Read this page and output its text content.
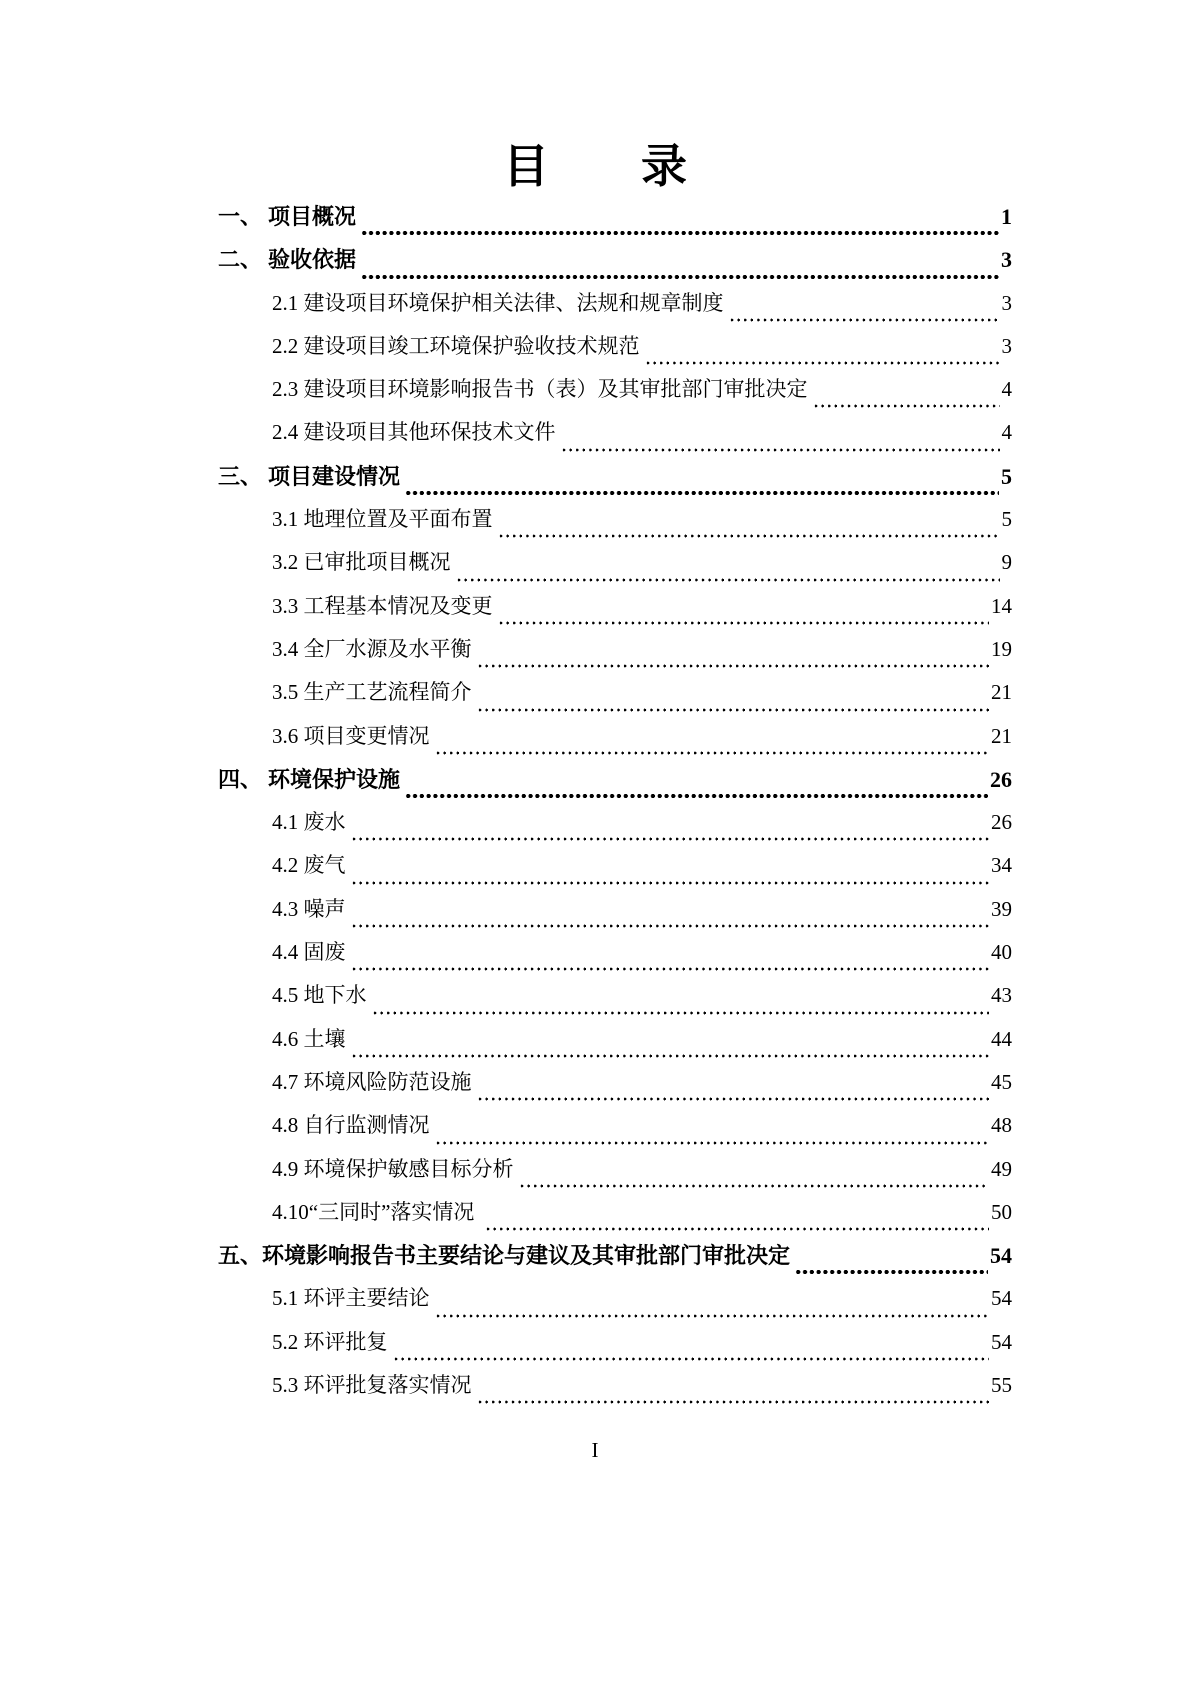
目　　录
一、 项目概况	1
二、 验收依据	3
2.1 建设项目环境保护相关法律、法规和规章制度	3
2.2 建设项目竣工环境保护验收技术规范	3
2.3 建设项目环境影响报告书（表）及其审批部门审批决定	4
2.4 建设项目其他环保技术文件	4
三、 项目建设情况	5
3.1 地理位置及平面布置	5
3.2 已审批项目概况	9
3.3 工程基本情况及变更	14
3.4 全厂水源及水平衡	19
3.5 生产工艺流程简介	21
3.6 项目变更情况	21
四、 环境保护设施	26
4.1 废水	26
4.2 废气	34
4.3 噪声	39
4.4 固废	40
4.5 地下水	43
4.6 土壤	44
4.7 环境风险防范设施	45
4.8 自行监测情况	48
4.9 环境保护敏感目标分析	49
4.10 “三同时”落实情况	50
五、 环境影响报告书主要结论与建议及其审批部门审批决定	54
5.1 环评主要结论	54
5.2 环评批复	54
5.3 环评批复落实情况	55
I
